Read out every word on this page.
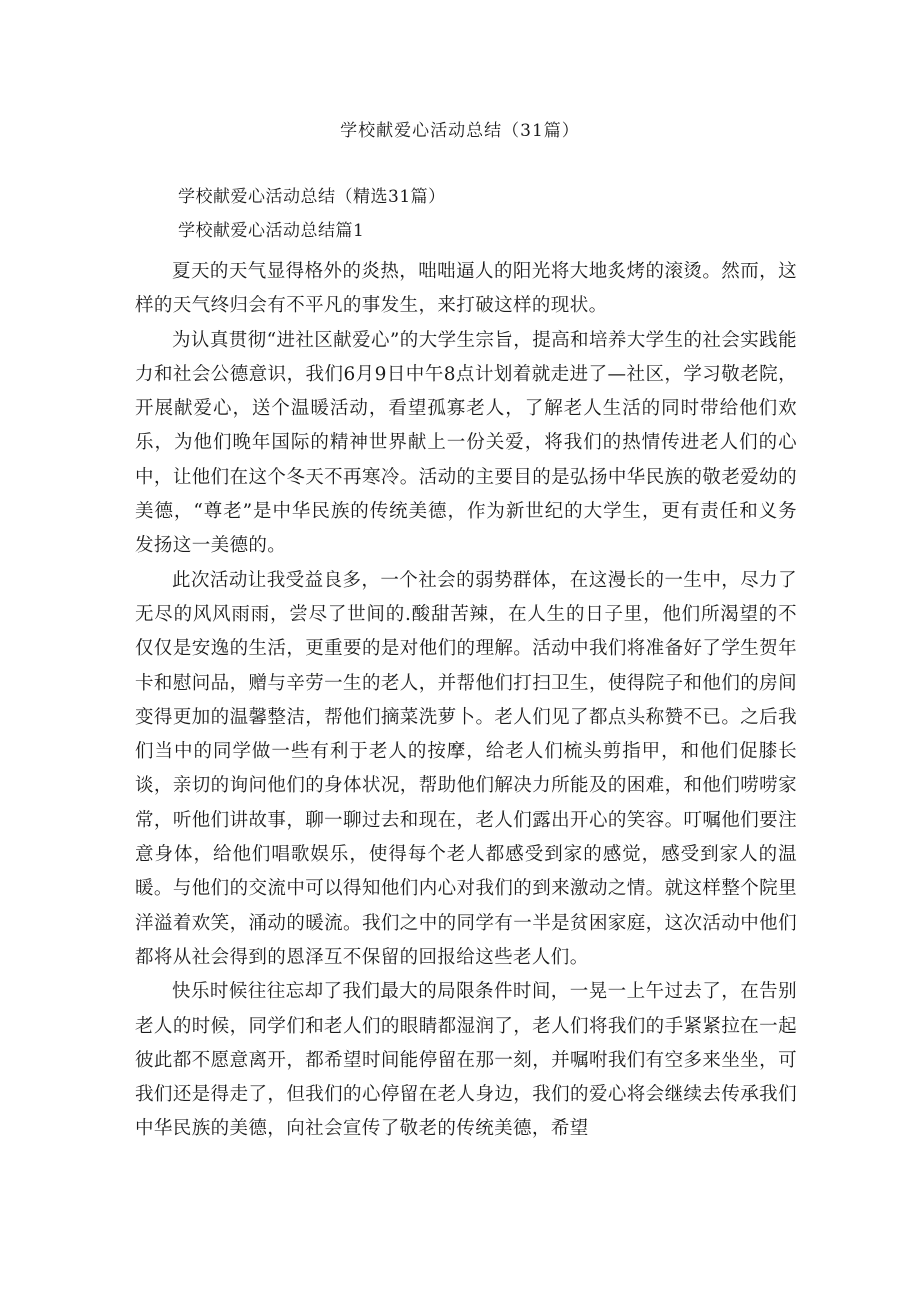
学校献爱心活动总结（31篇）
学校献爱心活动总结（精选31篇）
学校献爱心活动总结篇1

夏天的天气显得格外的炎热，咄咄逼人的阳光将大地炙烤的滚烫。然而，这样的天气终归会有不平凡的事发生，来打破这样的现状。

为认真贯彻“进社区献爱心”的大学生宗旨，提高和培养大学生的社会实践能力和社会公德意识，我们6月9日中午8点计划着就走进了—社区，学习敬老院，开展献爱心，送个温暖活动，看望孤寡老人，了解老人生活的同时带给他们欢乐，为他们晚年国际的精神世界献上一份关爱，将我们的热情传进老人们的心中，让他们在这个冬天不再寒冷。活动的主要目的是弘扬中华民族的敬老爱幼的美德，“尊老”是中华民族的传统美德，作为新世纪的大学生，更有责任和义务发扬这一美德的。

此次活动让我受益良多，一个社会的弱势群体，在这漫长的一生中，尽力了无尽的风风雨雨，尝尽了世间的.酸甜苦辣，在人生的日子里，他们所渴望的不仅仅是安逸的生活，更重要的是对他们的理解。活动中我们将准备好了学生贺年卡和慰问品，赠与辛劳一生的老人，并帮他们打扫卫生，使得院子和他们的房间变得更加的温馨整洁，帮他们摘菜洗萝卜。老人们见了都点头称赞不已。之后我们当中的同学做一些有利于老人的按摩，给老人们梳头剪指甲，和他们促膝长谈，亲切的询问他们的身体状况，帮助他们解决力所能及的困难，和他们唠唠家常，听他们讲故事，聊一聊过去和现在，老人们露出开心的笑容。叮嘱他们要注意身体，给他们唱歌娱乐，使得每个老人都感受到家的感觉，感受到家人的温暖。与他们的交流中可以得知他们内心对我们的到来激动之情。就这样整个院里洋溢着欢笑，涌动的暖流。我们之中的同学有一半是贫困家庭，这次活动中他们都将从社会得到的恩泽互不保留的回报给这些老人们。

快乐时候往往忘却了我们最大的局限条件时间，一晃一上午过去了，在告别老人的时候，同学们和老人们的眼睛都湿润了，老人们将我们的手紧紧拉在一起彼此都不愿意离开，都希望时间能停留在那一刻，并嘱咐我们有空多来坐坐，可我们还是得走了，但我们的心停留在老人身边，我们的爱心将会继续去传承我们中华民族的美德，向社会宣传了敬老的传统美德，希望
